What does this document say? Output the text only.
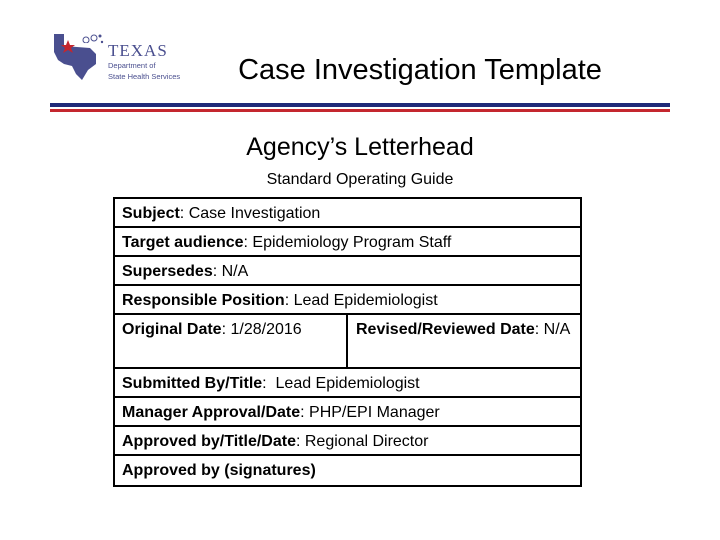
TEXAS
Department of
State Health Services	Case Investigation Template
Agency’s Letterhead
Standard Operating Guide
Subject: Case Investigation
Target audience: Epidemiology Program Staff
Supersedes: N/A
Responsible Position: Lead Epidemiologist
Original Date: 1/28/2016	Revised/Reviewed Date: N/A
Submitted By/Title:  Lead Epidemiologist
Manager Approval/Date: PHP/EPI Manager
Approved by/Title/Date: Regional Director
Approved by (signatures)
